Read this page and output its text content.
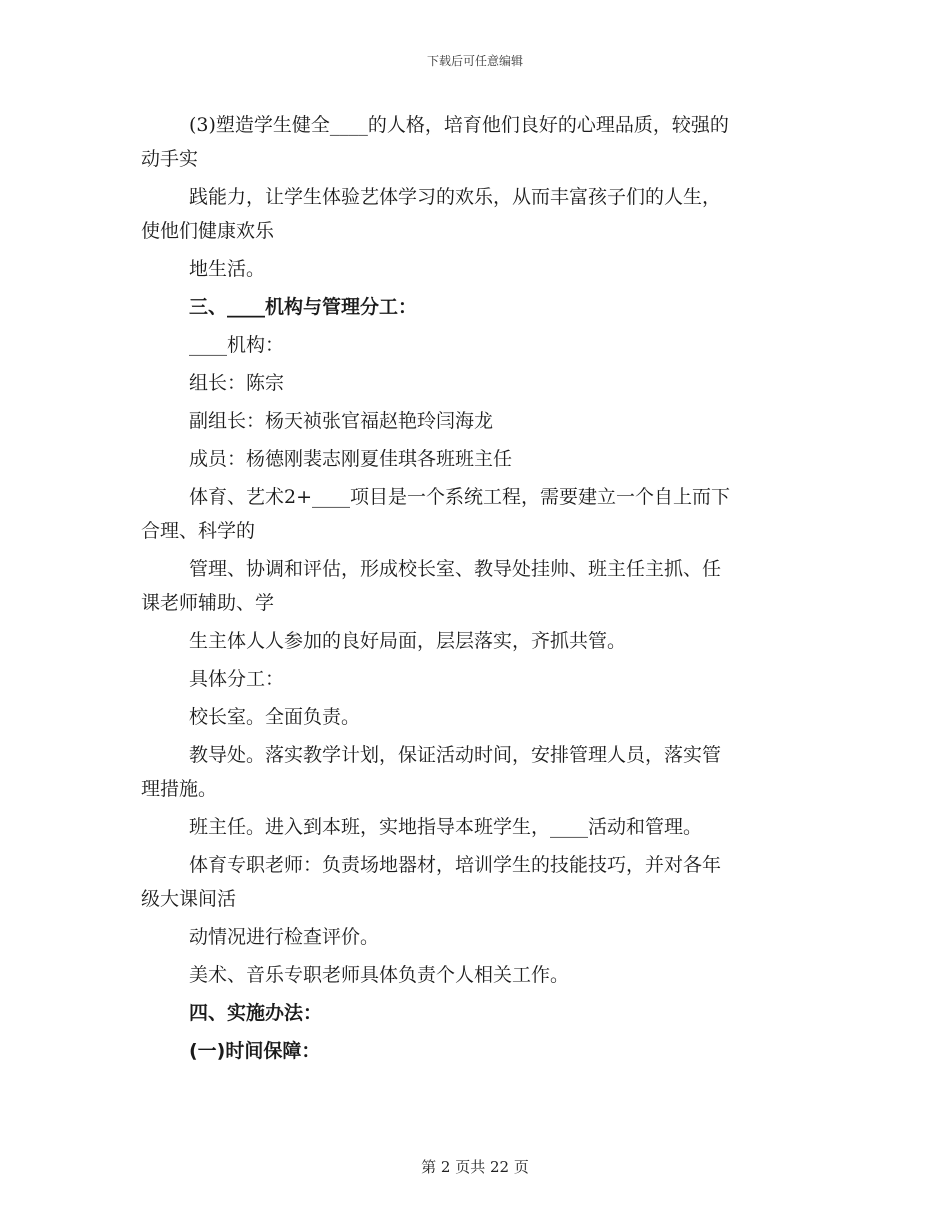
下载后可任意编辑
(3)塑造学生健全____的人格，培育他们良好的心理品质，较强的
动手实
践能力，让学生体验艺体学习的欢乐，从而丰富孩子们的人生，
使他们健康欢乐
地生活。
三、____机构与管理分工：
____机构：
组长：陈宗
副组长：杨天祯张官福赵艳玲闫海龙
成员：杨德刚裴志刚夏佳琪各班班主任
体育、艺术2+____项目是一个系统工程，需要建立一个自上而下
合理、科学的
管理、协调和评估，形成校长室、教导处挂帅、班主任主抓、任
课老师辅助、学
生主体人人参加的良好局面，层层落实，齐抓共管。
具体分工：
校长室。全面负责。
教导处。落实教学计划，保证活动时间，安排管理人员，落实管
理措施。
班主任。进入到本班，实地指导本班学生，____活动和管理。
体育专职老师：负责场地器材，培训学生的技能技巧，并对各年
级大课间活
动情况进行检查评价。
美术、音乐专职老师具体负责个人相关工作。
四、实施办法：
(一)时间保障：
第 2 页共 22 页
